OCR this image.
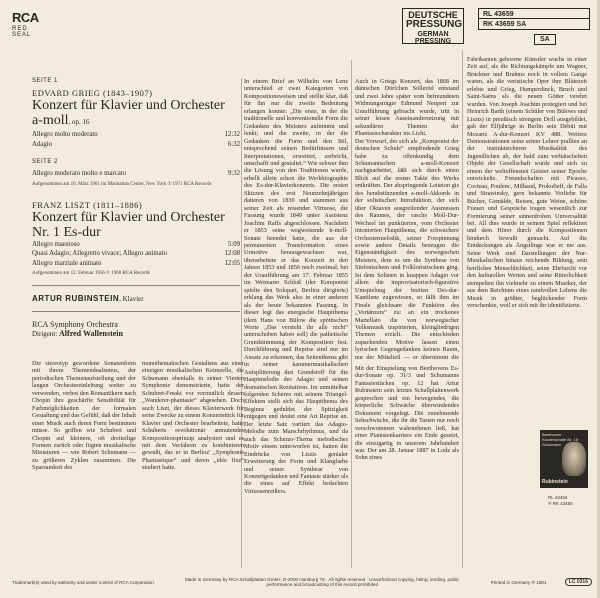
RCA
RED SEAL
DEUTSCHE
PRESSUNG
GERMAN
PRESSING
RL 43659
RK 43659 SA
SA
SEITE 1
EDVARD GRIEG (1843–1907)
Konzert für Klavier und Orchester
a-moll, op. 16
Allegro molto moderato	12:32
Adagio	6:32
SEITE 2
Allegro moderato molto e marcato	9:32
Aufgenommen am 10. März 1961 im Manhattan Center, New York ℗ 1971 RCA Records
FRANZ LISZT (1811–1886)
Konzert für Klavier und Orchester
Nr. 1 Es-dur
Allegro maestoso	5:09
Quasi Adagio; Allegretto vivace; Allegro animato	12:08
Allegro marziale animato	12:05
Aufgenommen am 12. Februar 1956 ℗ 1960 RCA Records
ARTUR RUBINSTEIN, Klavier
RCA Symphony Orchestra
Dirigent: Alfred Wallenstein

In einem Brief an Wilhelm von Lenz unterschied er zwei Kategorien von Kompositionsweisen und stellte klar, daß für ihn nur die zweite Bedeutung erlangen konnte: „Die erste, in der die traditionelle und konventionelle Form die Gedanken des Meisters aufnimmt und lenkt; und die zweite, in der die Gedanken die Form und den Stil, entsprechend seinen Bedürfnissen und Interpretationen, erweitert, zerbricht, umschafft und gestaltet.“ Wie schwer ihm die Lösung von den Traditionen wurde, erhellt allein schon die Werkbiographie des Es-dur-Klavierkonzerts. Die ersten Skizzen des erst Neunzehnjährigen datieren von 1830 und stammen aus seiner Zeit als reisender Virtuose, die Fassung wurde 1849 unter Assistenz Joachim Raffs abgeschlossen. Nachdem er 1853 seine wegweisende h-moll-Sonate beendet hatte, die aus der permanenten Transformation eines Urmotivs herausgewachsen war, überarbeitete er das Konzert in den Jahren 1853 und 1856 noch zweimal; bei der Uraufführung am 17. Februar 1855 im Weimarer Schloß (der Komponist spielte den Solopart, Berlioz dirigierte) erklang das Werk also in einer anderen als der heute bekannten Fassung. In dieser legt das energische Hauptthema (dem Hans von Bülow die spöttischen Worte „Das versteht ihr alle nicht“ unterschoben haben soll) die pathetische Grundstimmung der Komposition fest. Durchführung und Reprise sind nur im Ansatz zu erkennen, das Seitenthema gibt in seiner kammermusikalischen Aufsplitterung den Grundstoff für die Hauptmelodie des Adagio und seinen dramatischen Rezitativen. Im unmittelbar folgenden Scherzo mit seinem Triangel-Effekten stellt sich das Hauptthema des Beginns geduldet der Spitzigkeit entgegen und deutet eine Art Reprise an. Der letzte Satz variiert das Adagio-Melodie zum Marschrhythmus, und da auch das Scherzo-Thema melodisches Motiv einem unterworfen ist, hatten die Eindrücke von Liszts genialer Erweiterung der Form und Klangfarbe und seiner Synthese von Konzertgedanken und Fantasie stärker als die eines auf Effekt bedachten Virtuosenreißers.

Auch in Griegs Konzert, das 1868 im dänischen Dörfchen Sölleröd entstand und zwei Jahre später vom befreundeten Widmungsträger Edmund Neupert zur Uraufführung gebracht wurde, tritt in seiner leisen Auseinandersetzung mit sekundären Themen der Phantasiecharakter ins Licht.

Der Vorwurf, der sich als „Komponist der deutschen Schule“ empfindende Grieg habe zu offenkundig dem Schumannschen a-moll-Konzert nachgearbeitet, läßt sich durch einen Blick auf die ersten Takte des Werks entkräften. Der abspringende Leiteton gis des herabstürzenden a-moll-Akkords in der solistischen Introduktion, der sich über Oktaven ausgreifender Ausmessen des Raumes, der rasche Moll-Dur-Wechsel im punktierten, vom Orchester intonierten Hauptthema, die schwächere Orchestermelodik, seiner Forspinnung sowie andere Details bezeugen die Eigenständigkeit des norwegischen Meisters, dem es um die Synthese von Sinfonischem und Folkloristischem ging. Ist dem Solisten in knappen Adagio vor allem die improvisatorisch-figurative Umspielung der breiten Des-dur-Kantilene zugewiesen, so fällt ihm im Finale gleichsam die Funktion des „Vortänzers“ zu: an ein trockenes Martellato die von norwegischer Volksmusik inspirierten, kleingliedrigen Themen erzielt. Die entschieden zupackenden Motive lassen einen lyrischen Gegengedanken keinen Raum, nur der Mittelteil — er übernimmt die

Mit der Einspielung von Beethovens Es-dur-Sonate op. 31/3 und Schumanns Fantasiestücken op. 12 hat Artur Rubinstein sein letztes Schallplattenwerk gesprochen und ein bewegendes, die körperliche Schwäche überwindendes Dokument vorgelegt. Die zunehmende Sehschwäche, die ihr die Tasten nur noch verschwommen wahrnehmen ließ, hat einer Pianistenkarriere ein Ende gesetzt, die einzigartig in unserem Jahrhundert war. Der am 28. Januar 1887 in Lodz als Sohn eines

Fabrikanten geborene Künstler wuchs in einer Zeit auf, als die Richtungskämpfe um Wagner, Bruckner und Brahms noch in vollem Gange waren, als die veristische Oper ihre Blütezeit erlebte und Grieg, Humperdinck, Bruch und Saint-Saëns als die neuen Götter verehrt wurden. Von Joseph Joachim protegiert und bei Heinrich Barth (einem Schüler von Bülows und Liszts) in preußisch strengem Drill ausgebildet, gab der Elfjährige in Berlin sein Debüt mit Mozarts A-dur-Konzert KV 488. Weitere Demonstrationen seine seiner Lehrer prallten an der instinktsicheren Musikalität des Jugendlichen ab, der bald zum verhätschelten Objekt der Gesellschaft wurde und sich zu einem der weltoffensten Geister seiner Epoche entwickelte. Freundschaften mit Picasso, Cocteau, Poulenc, Milhaud, Prokofieff, de Falla und Strawinsky, gern bekannte Vorliebe für Bücher, Gemälde, Reisen, gute Weine, schöne Frauen und Gespräche tragen wesentlich zur Formierung seiner sinnenfrohen Universalität bei. All dies wurde in seinem Spiel reflektiert und dem Hörer durch die Kompositionen hindurch bewußt gemacht. Auf die Entdeckungen als Ängstlinge war er nie aus. Seine Werk sind Darstellungen der Nur-Musikalischen hinaus reichende Bildung, sein herrliches Menschlichkeit, seine Ehrfurcht vor den kulturellen Werten und seine Ritterlichkeit stempelten ihn vielmehr zu einem Musiker, der aus dem Reichtum eines randvollen Lebens die Musik in größter, beglückender Form verschenkte, weil er sich mit ihr identifizierte.

Die stereotyp gewordene Sonatenform mit ihrem Themendualismus, der periodischen Themenaufstellung und der langen Orchestereinleitung weiter zu verwenden, verbot den Romantikern nach Chopin ihre geschärfte Sensibilität für Farbmöglichkeiten der formalen Gestaltung und das Gefühl, daß der Inhalt einer Musik auch deren Form bestimmen müsse. So griffen wie Schubert und Chopin auf kleinere, oft dreiteilige Formen zurück oder fügten musikalische Miniaturen — wie Robert Schumann — zu größeren Zyklen zusammen. Die Sparsamkeit des

monothematischen Gestaltens aus einer einzigen musikalischen Keimzelle, die Schumann ebenfalls in seiner Vierten Symphonie demonstrierte, hatte der Schubert-Freakt vor vermutlich dessen „Wanderer-phantasie“ abgesehen. Doch auch Liszt, der dieses Klavierwerk für seine Zwecke zu einem Konzertstück für Klavier und Orchester bearbeitete, hatte Schuberts revolutionär anmutendes Kompositionsprinzip analysiert und es mit dem Verfahren zu kombinieren gewußt, das er in Berlioz' „Symphonie Phantastique“ und deren „idée fixe“ studiert hatte.

Beethoven · Klaviersonate Nr. 18 · Schumann
Rubinstein
RL 43456
℗ RK 43456
Trademark(s) used by authority and under control of RCA Corporation	Made in Germany by RCA Schallplatten GmbH, D-2000 Hamburg 76 · All rights reserved · Unauthorized copying, hiring, lending, public performance and broadcasting of this record prohibited	Printed in Germany ℗ 1981	LC 0316
